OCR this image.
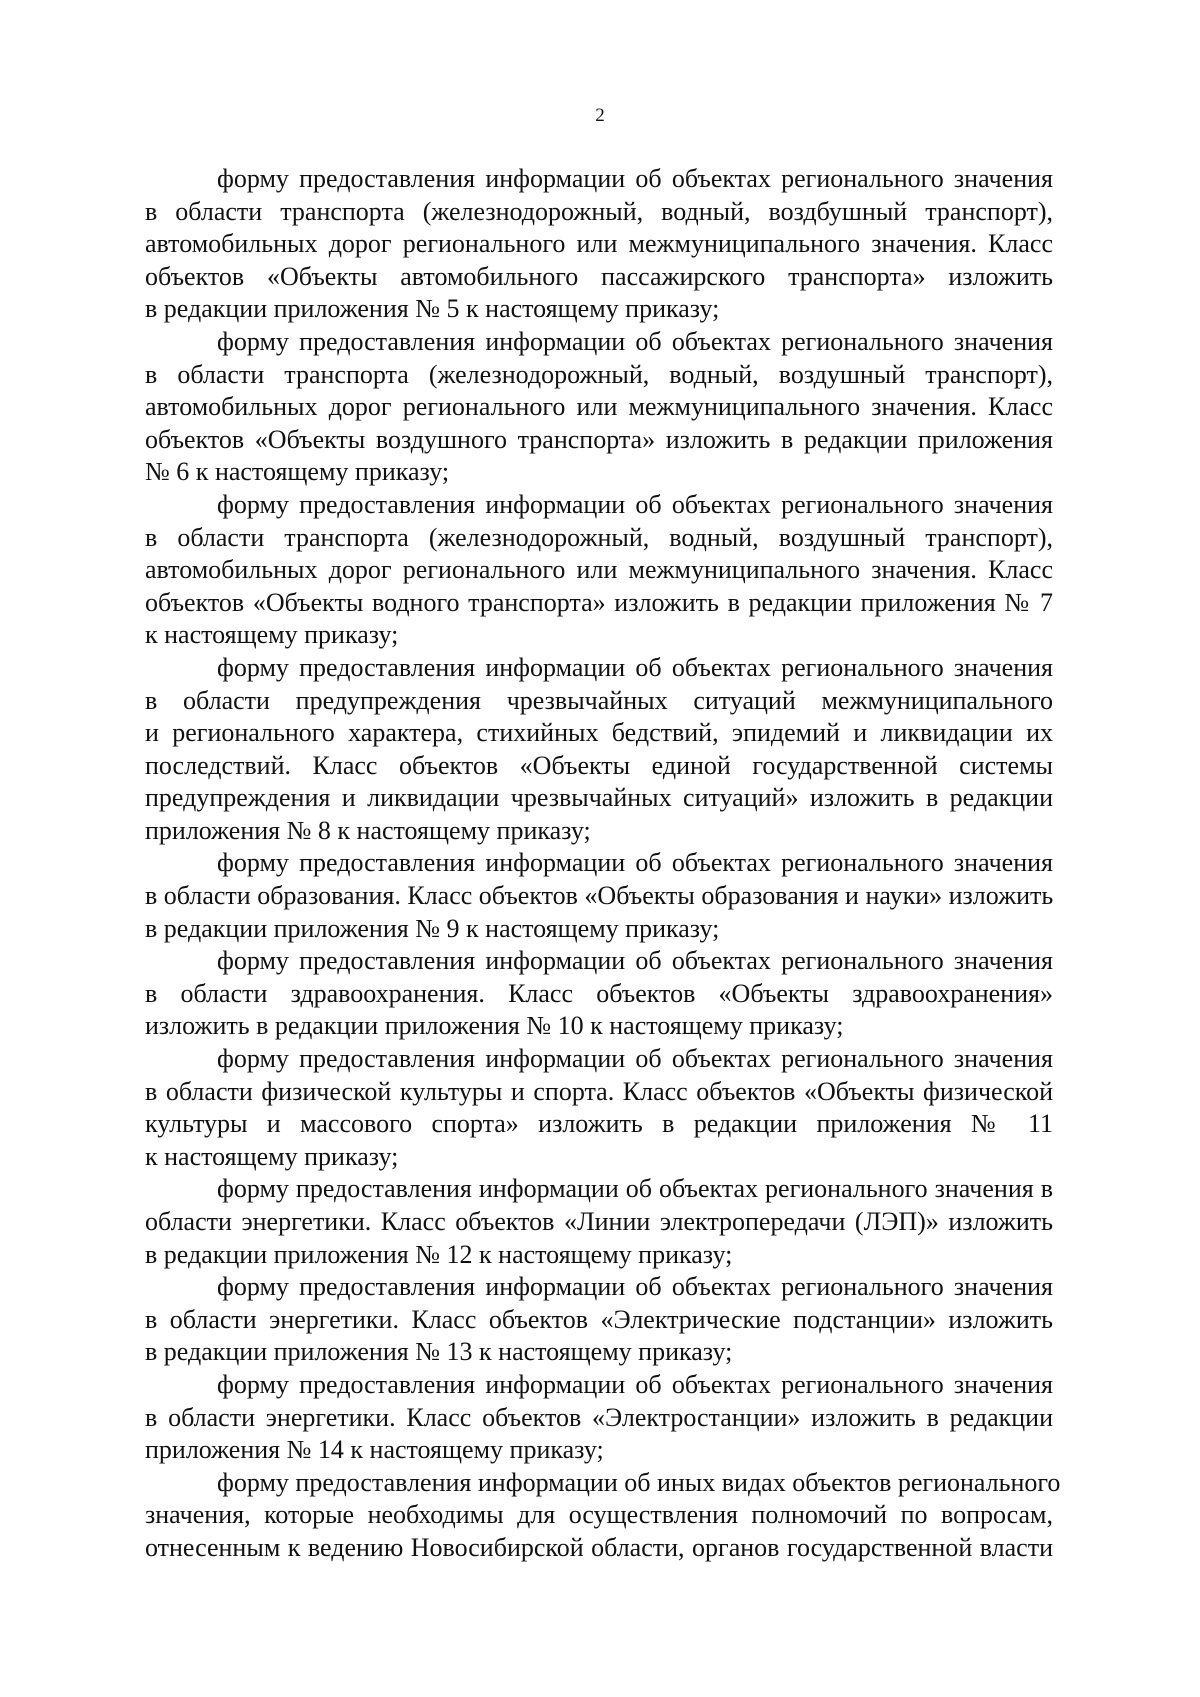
2
форму предоставления информации об объектах регионального значения
в области транспорта (железнодорожный, водный, воздбушный транспорт),
автомобильных дорог регионального или межмуниципального значения. Класс
объектов «Объекты автомобильного пассажирского транспорта» изложить
в редакции приложения № 5 к настоящему приказу;
форму предоставления информации об объектах регионального значения
в области транспорта (железнодорожный, водный, воздушный транспорт),
автомобильных дорог регионального или межмуниципального значения. Класс
объектов «Объекты воздушного транспорта» изложить в редакции приложения
№ 6 к настоящему приказу;
форму предоставления информации об объектах регионального значения
в области транспорта (железнодорожный, водный, воздушный транспорт),
автомобильных дорог регионального или межмуниципального значения. Класс
объектов «Объекты водного транспорта» изложить в редакции приложения № 7
к настоящему приказу;
форму предоставления информации об объектах регионального значения
в области предупреждения чрезвычайных ситуаций межмуниципального
и регионального характера, стихийных бедствий, эпидемий и ликвидации их
последствий. Класс объектов «Объекты единой государственной системы
предупреждения и ликвидации чрезвычайных ситуаций» изложить в редакции
приложения № 8 к настоящему приказу;
форму предоставления информации об объектах регионального значения
в области образования. Класс объектов «Объекты образования и науки» изложить
в редакции приложения № 9 к настоящему приказу;
форму предоставления информации об объектах регионального значения
в области здравоохранения. Класс объектов «Объекты здравоохранения»
изложить в редакции приложения № 10 к настоящему приказу;
форму предоставления информации об объектах регионального значения
в области физической культуры и спорта. Класс объектов «Объекты физической
культуры и массового спорта» изложить в редакции приложения № 11
к настоящему приказу;
форму предоставления информации об объектах регионального значения в
области энергетики. Класс объектов «Линии электропередачи (ЛЭП)» изложить
в редакции приложения № 12 к настоящему приказу;
форму предоставления информации об объектах регионального значения
в области энергетики. Класс объектов «Электрические подстанции» изложить
в редакции приложения № 13 к настоящему приказу;
форму предоставления информации об объектах регионального значения
в области энергетики. Класс объектов «Электростанции» изложить в редакции
приложения № 14 к настоящему приказу;
форму предоставления информации об иных видах объектов регионального
значения, которые необходимы для осуществления полномочий по вопросам,
отнесенным к ведению Новосибирской области, органов государственной власти
